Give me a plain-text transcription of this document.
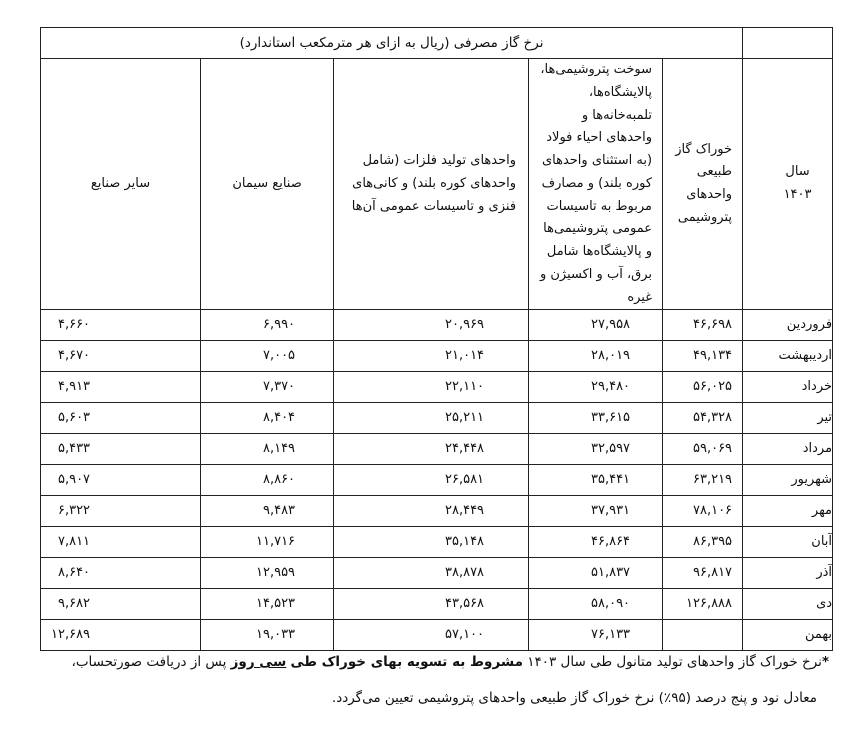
	نرخ گاز مصرفی (ریال به ازای هر مترمکعب استاندارد)				
سال ۱۴۰۳	خوراک گاز طبیعی واحدهای پتروشیمی	سوخت پتروشیمی‌ها، پالایشگاه‌ها، تلمبه‌خانه‌ها و واحدهای احیاء فولاد (به استثنای واحدهای کوره بلند) و مصارف مربوط به تاسیسات عمومی پتروشیمی‌ها و پالایشگاه‌ها شامل برق، آب و اکسیژن و غیره	واحدهای تولید فلزات (شامل واحدهای کوره بلند) و کانی‌های فنزی و تاسیسات عمومی آن‌ها	صنایع سیمان	سایر صنایع
فروردین	۴۶,۶۹۸	۲۷,۹۵۸	۲۰,۹۶۹	۶,۹۹۰	۴,۶۶۰
اردیبهشت	۴۹,۱۳۴	۲۸,۰۱۹	۲۱,۰۱۴	۷,۰۰۵	۴,۶۷۰
خرداد	۵۶,۰۲۵	۲۹,۴۸۰	۲۲,۱۱۰	۷,۳۷۰	۴,۹۱۳
تیر	۵۴,۳۲۸	۳۳,۶۱۵	۲۵,۲۱۱	۸,۴۰۴	۵,۶۰۳
مرداد	۵۹,۰۶۹	۳۲,۵۹۷	۲۴,۴۴۸	۸,۱۴۹	۵,۴۳۳
شهریور	۶۳,۲۱۹	۳۵,۴۴۱	۲۶,۵۸۱	۸,۸۶۰	۵,۹۰۷
مهر	۷۸,۱۰۶	۳۷,۹۳۱	۲۸,۴۴۹	۹,۴۸۳	۶,۳۲۲
آبان	۸۶,۳۹۵	۴۶,۸۶۴	۳۵,۱۴۸	۱۱,۷۱۶	۷,۸۱۱
آذر	۹۶,۸۱۷	۵۱,۸۳۷	۳۸,۸۷۸	۱۲,۹۵۹	۸,۶۴۰
دی	۱۲۶,۸۸۸	۵۸,۰۹۰	۴۳,۵۶۸	۱۴,۵۲۳	۹,۶۸۲
بهمن		۷۶,۱۳۳	۵۷,۱۰۰	۱۹,۰۳۳	۱۲,۶۸۹
*نرخ خوراک گاز واحدهای تولید متانول طی سال ۱۴۰۳ مشروط به تسویه بهای خوراک طی سی روز پس از دریافت صورتحساب،
معادل نود و پنج درصد (۹۵٪) نرخ خوراک گاز طبیعی واحدهای پتروشیمی تعیین می‌گردد.
